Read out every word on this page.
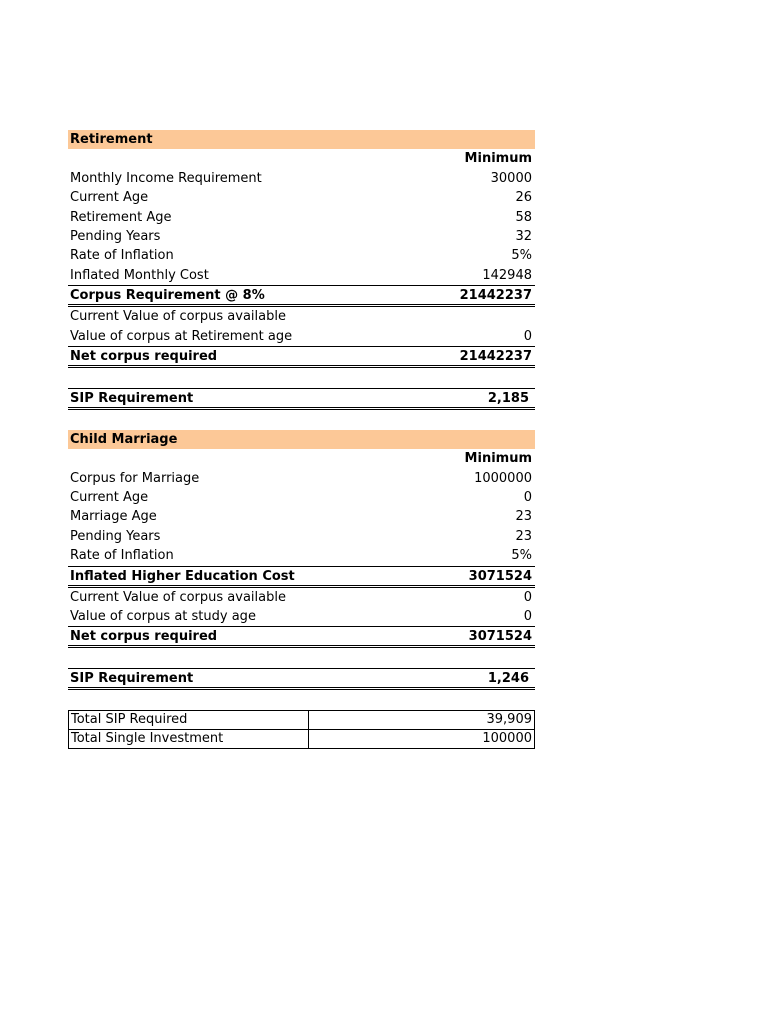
Retirement
Minimum
Monthly Income Requirement	30000
Current Age	26
Retirement Age	58
Pending Years	32
Rate of Inflation	5%
Inflated Monthly Cost	142948
Corpus Requirement @ 8%	21442237
Current Value of corpus available
Value of corpus at Retirement age	0
Net corpus required	21442237
SIP Requirement	2,185
Child Marriage
Minimum
Corpus for Marriage	1000000
Current Age	0
Marriage Age	23
Pending Years	23
Rate of Inflation	5%
Inflated Higher Education Cost	3071524
Current Value of corpus available	0
Value of corpus at study age	0
Net corpus required	3071524
SIP Requirement	1,246
Total SIP Required	39,909
Total Single Investment	100000
